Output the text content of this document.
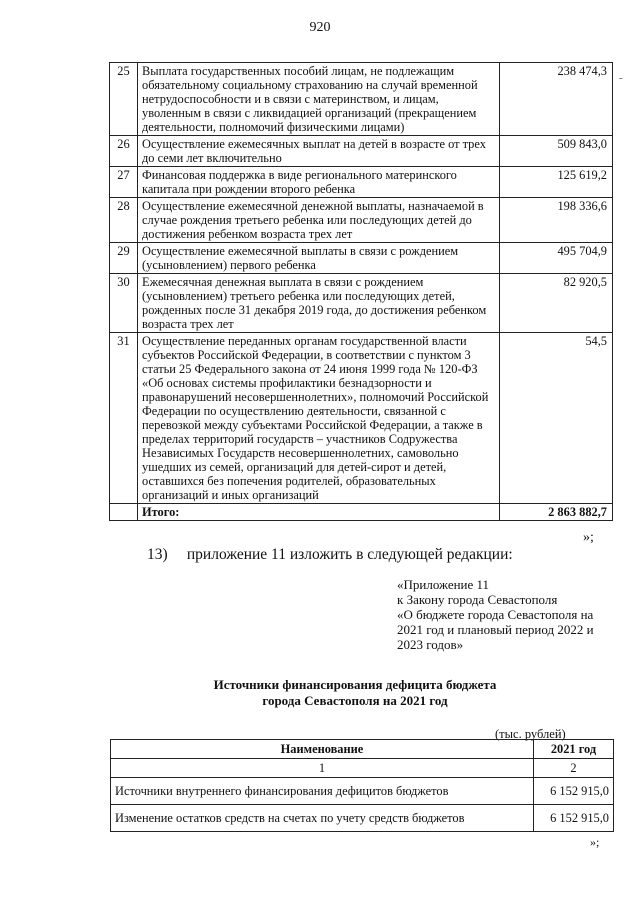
920
-
25	Выплата государственных пособий лицам, не подлежащим обязательному социальному страхованию на случай временной нетрудоспособности и в связи с материнством, и лицам, уволенным в связи с ликвидацией организаций (прекращением деятельности, полномочий физическими лицами)	238 474,3
26	Осуществление ежемесячных выплат на детей в возрасте от трех до семи лет включительно	509 843,0
27	Финансовая поддержка в виде регионального материнского капитала при рождении второго ребенка	125 619,2
28	Осуществление ежемесячной денежной выплаты, назначаемой в случае рождения третьего ребенка или последующих детей до достижения ребенком возраста трех лет	198 336,6
29	Осуществление ежемесячной выплаты в связи с рождением (усыновлением) первого ребенка	495 704,9
30	Ежемесячная денежная выплата в связи с рождением (усыновлением) третьего ребенка или последующих детей, рожденных после 31 декабря 2019 года, до достижения ребенком возраста трех лет	82 920,5
31	Осуществление переданных органам государственной власти субъектов Российской Федерации, в соответствии с пунктом 3 статьи 25 Федерального закона от 24 июня 1999 года № 120-ФЗ «Об основах системы профилактики безнадзорности и правонарушений несовершеннолетних», полномочий Российской Федерации по осуществлению деятельности, связанной с перевозкой между субъектами Российской Федерации, а также в пределах территорий государств – участников Содружества Независимых Государств несовершеннолетних, самовольно ушедших из семей, организаций для детей-сирот и детей, оставшихся без попечения родителей, образовательных организаций и иных организаций	54,5
	Итого:	2 863 882,7
»;
13) приложение 11 изложить в следующей редакции:
«Приложение 11
к Закону города Севастополя
«О бюджете города Севастополя на
2021 год и плановый период 2022 и
2023 годов»
Источники финансирования дефицита бюджета
города Севастополя на 2021 год
(тыс. рублей)
Наименование	2021 год
1	2
Источники внутреннего финансирования дефицитов бюджетов	6 152 915,0
Изменение остатков средств на счетах по учету средств бюджетов	6 152 915,0
»;
